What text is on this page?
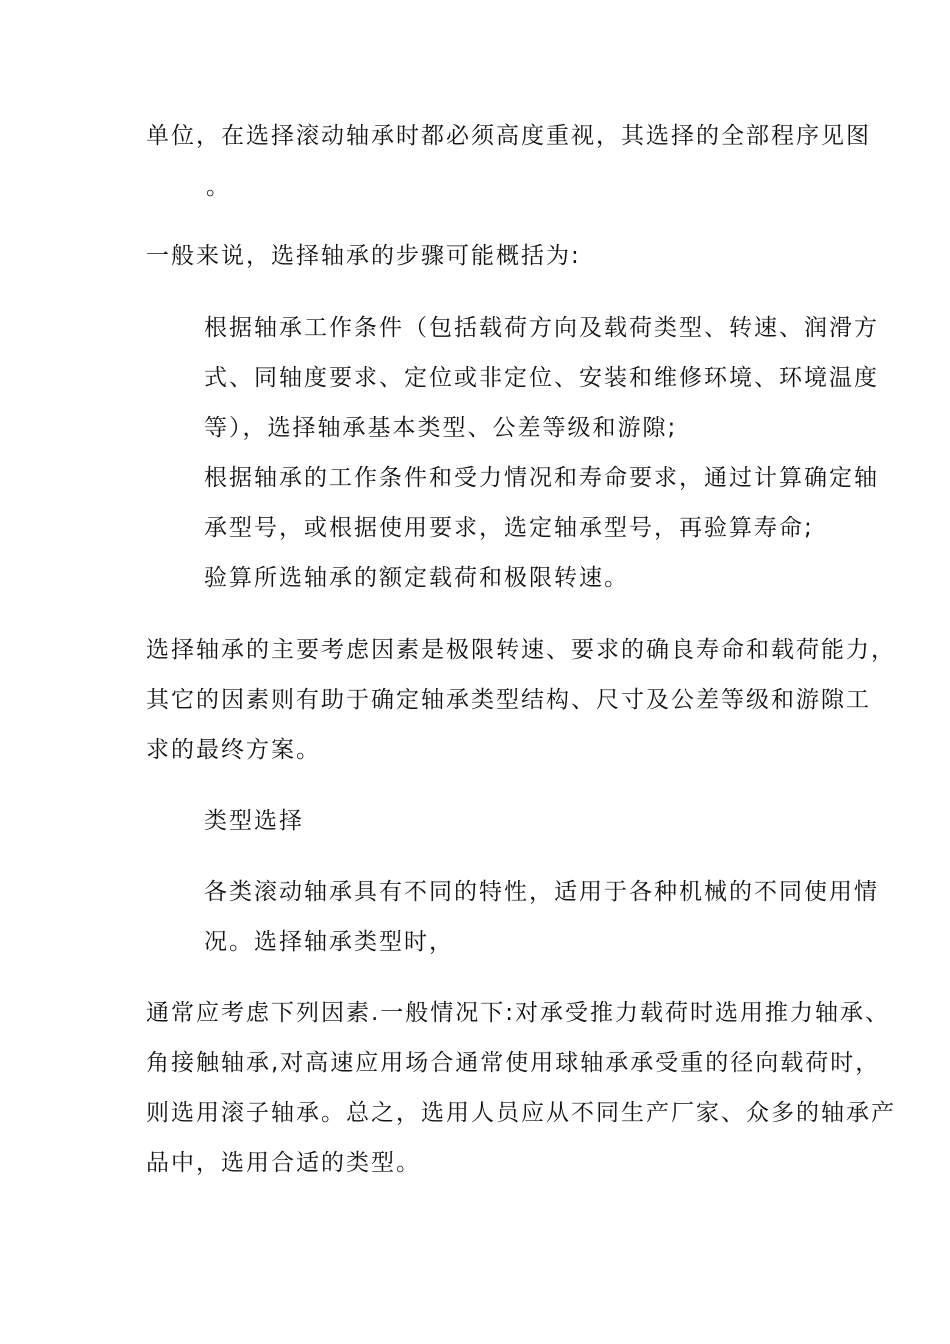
单位，在选择滚动轴承时都必须高度重视，其选择的全部程序见图
。
一般来说，选择轴承的步骤可能概括为:
根据轴承工作条件（包括载荷方向及载荷类型、转速、润滑方
式、同轴度要求、定位或非定位、安装和维修环境、环境温度
等），选择轴承基本类型、公差等级和游隙;
根据轴承的工作条件和受力情况和寿命要求，通过计算确定轴
承型号，或根据使用要求，选定轴承型号，再验算寿命;
验算所选轴承的额定载荷和极限转速。
选择轴承的主要考虑因素是极限转速、要求的确良寿命和载荷能力，
其它的因素则有助于确定轴承类型结构、尺寸及公差等级和游隙工
求的最终方案。
类型选择
各类滚动轴承具有不同的特性，适用于各种机械的不同使用情
况。选择轴承类型时，
通常应考虑下列因素.一般情况下:对承受推力载荷时选用推力轴承、
角接触轴承,对高速应用场合通常使用球轴承承受重的径向载荷时，
则选用滚子轴承。总之，选用人员应从不同生产厂家、众多的轴承产
品中，选用合适的类型。
